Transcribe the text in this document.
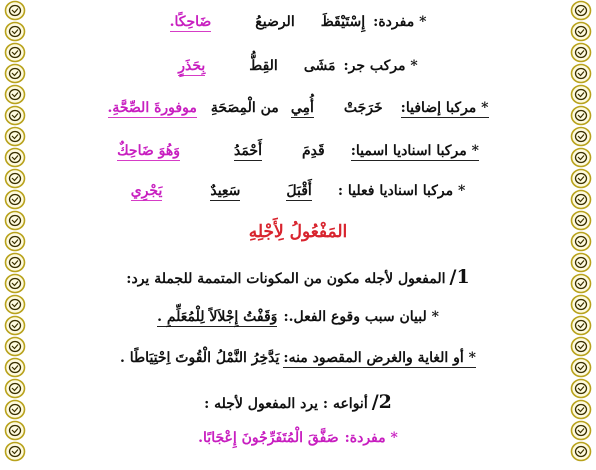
* مفردة:
إِسْتَيْقَظَ
الرضيعُ
ضَاحِكًا.
* مركب جر:
مَشَى
القِطُّ
بِحَذَرٍ
* مركبا إضافيا:
خَرَجَتْ
أُمِي
من الْمِصَحَةِ
موفورةَ الصِّحَّةِ.
* مركبا اسناديا اسميا:
قَدِمَ
أَحْمَدُ
وَهُوَ ضَاحِكٌ
* مركبا اسناديا فعليا :
أَقْبَلَ
سَعِيدٌ
يَجْرِي
المَفْعُولُ لِأَجْلِهِ
1/
المفعول لأجله مكون من المكونات المتممة للجملة يرد:
* لبيان سبب وقوع الفعل.:
وَقَفْتُ إِجْلاَلاً لِلْمُعَلِّمِ .
* أو الغاية والغرض المقصود منه:
يَدَّخِرُ النَّمْلُ الْقُوتَ اِحْتِيَاطًا .
2/
أنواعه : يرد المفعول لأجله :
* مفردة:
صَفَّقَ الْمُتَفَرِّجُونَ إِعْجَابًا.
